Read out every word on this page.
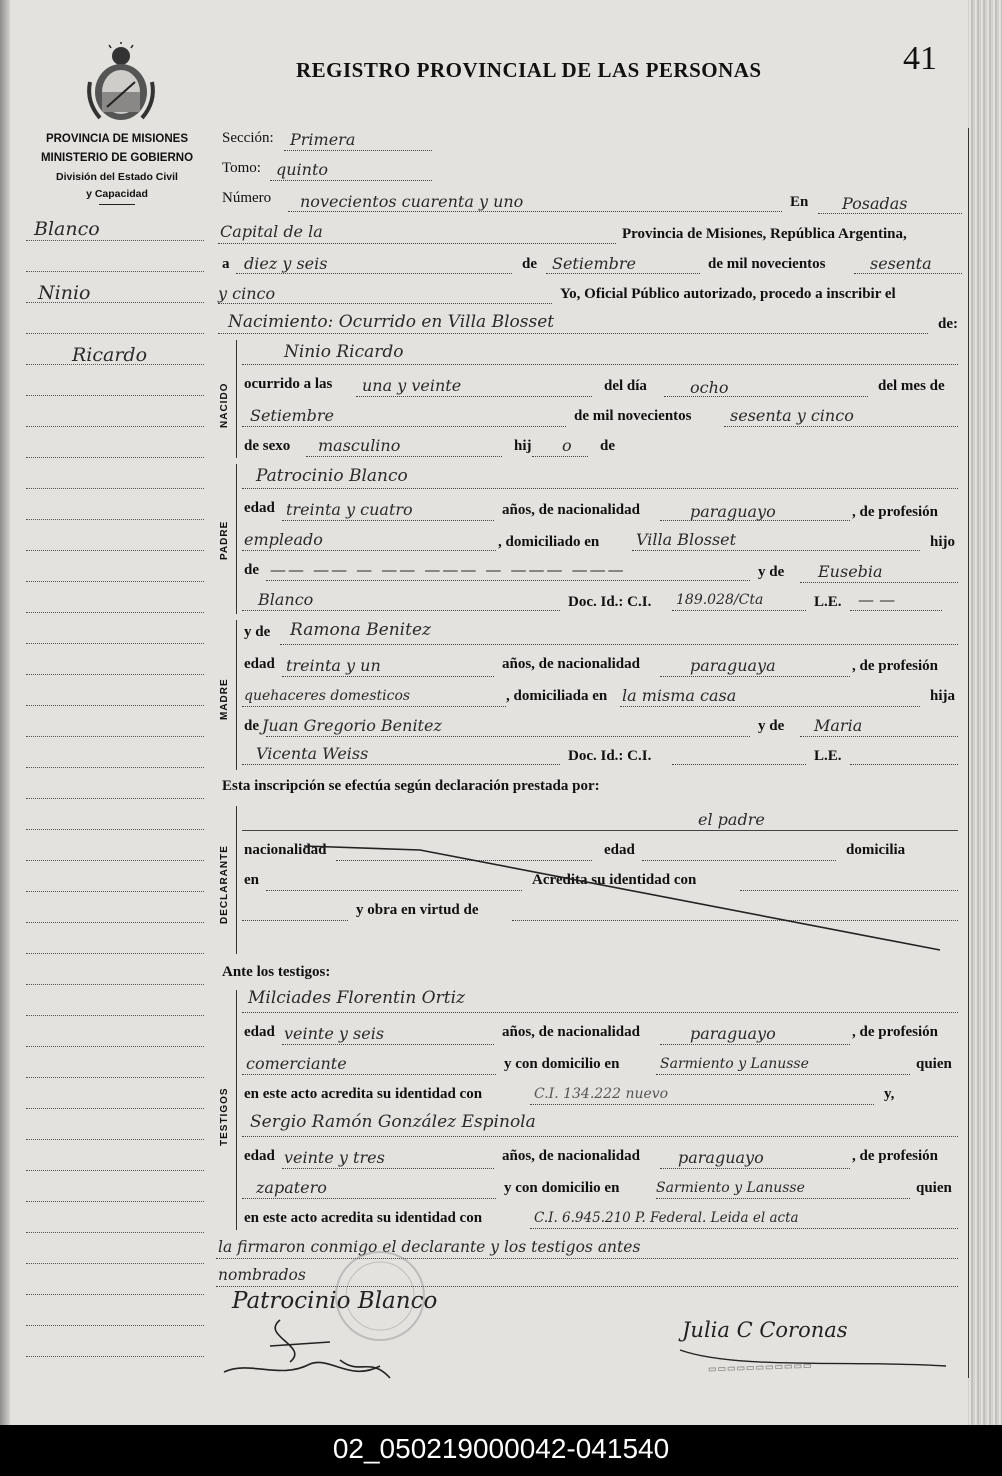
REGISTRO PROVINCIAL DE LAS PERSONAS	41
PROVINCIA DE MISIONES
MINISTERIO DE GOBIERNO
División del Estado Civil
y Capacidad
Blanco
Ninio
Ricardo
Sección: Primera
Tomo: quinto
Número novecientos cuarenta y uno	En Posadas
Capital de la	Provincia de Misiones, República Argentina,
a diez y seis	de Setiembre	de mil novecientos	sesenta
y cinco	Yo, Oficial Público autorizado, procedo a inscribir el
Nacimiento: Ocurrido en Villa Blosset	de:
NACIDO
Ninio Ricardo
ocurrido a las una y veinte	del día	ocho	del mes de
Setiembre	de mil novecientos sesenta y cinco
de sexo masculino	hij o de
PADRE
Patrocinio Blanco
edad treinta y cuatro	años, de nacionalidad	paraguayo	, de profesión
empleado	, domiciliado en Villa Blosset	hijo
de —— —— — —— ——— — ——— ———	y de Eusebia
Blanco	Doc. Id.: C.I. 189.028/Cta	L.E. — —
MADRE
y de Ramona Benitez
edad treinta y un	años, de nacionalidad	paraguaya	, de profesión
quehaceres domesticos	, domiciliada en la misma casa	hija
de Juan Gregorio Benitez	y de Maria
Vicenta Weiss	Doc. Id.: C.I.	L.E.
Esta inscripción se efectúa según declaración prestada por:
DECLARANTE
el padre
nacionalidad	edad	domicilia
en	Acredita su identidad con
y obra en virtud de
Ante los testigos:
TESTIGOS
Milciades Florentin Ortiz
edad veinte y seis	años, de nacionalidad	paraguayo	, de profesión
comerciante	y con domicilio en	Sarmiento y Lanusse	quien
en este acto acredita su identidad con	C.I. 134.222 nuevo	y,
Sergio Ramón González Espinola
edad veinte y tres	años, de nacionalidad paraguayo	, de profesión
zapatero	y con domicilio en	Sarmiento y Lanusse	quien
en este acto acredita su identidad con	C.I. 6.945.210 P. Federal. Leida el acta
la firmaron conmigo el declarante y los testigos antes
nombrados
Patrocinio Blanco
Julia C Coronas
▭▭▭▭▭▭▭▭▭▭▭
02_050219000042-041540
